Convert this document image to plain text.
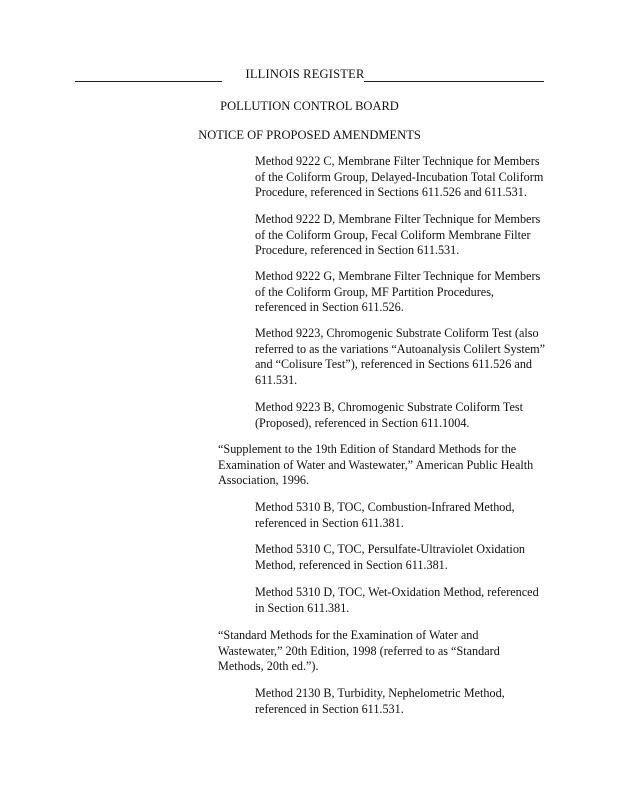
ILLINOIS REGISTER
POLLUTION CONTROL BOARD
NOTICE OF PROPOSED AMENDMENTS
Method 9222 C, Membrane Filter Technique for Members
of the Coliform Group, Delayed-Incubation Total Coliform
Procedure, referenced in Sections 611.526 and 611.531.
Method 9222 D, Membrane Filter Technique for Members
of the Coliform Group, Fecal Coliform Membrane Filter
Procedure, referenced in Section 611.531.
Method 9222 G, Membrane Filter Technique for Members
of the Coliform Group, MF Partition Procedures,
referenced in Section 611.526.
Method 9223, Chromogenic Substrate Coliform Test (also
referred to as the variations “Autoanalysis Colilert System”
and “Colisure Test”), referenced in Sections 611.526 and
611.531.
Method 9223 B, Chromogenic Substrate Coliform Test
(Proposed), referenced in Section 611.1004.
“Supplement to the 19th Edition of Standard Methods for the
Examination of Water and Wastewater,” American Public Health
Association, 1996.
Method 5310 B, TOC, Combustion-Infrared Method,
referenced in Section 611.381.
Method 5310 C, TOC, Persulfate-Ultraviolet Oxidation
Method, referenced in Section 611.381.
Method 5310 D, TOC, Wet-Oxidation Method, referenced
in Section 611.381.
“Standard Methods for the Examination of Water and
Wastewater,” 20th Edition, 1998 (referred to as “Standard
Methods, 20th ed.”).
Method 2130 B, Turbidity, Nephelometric Method,
referenced in Section 611.531.
